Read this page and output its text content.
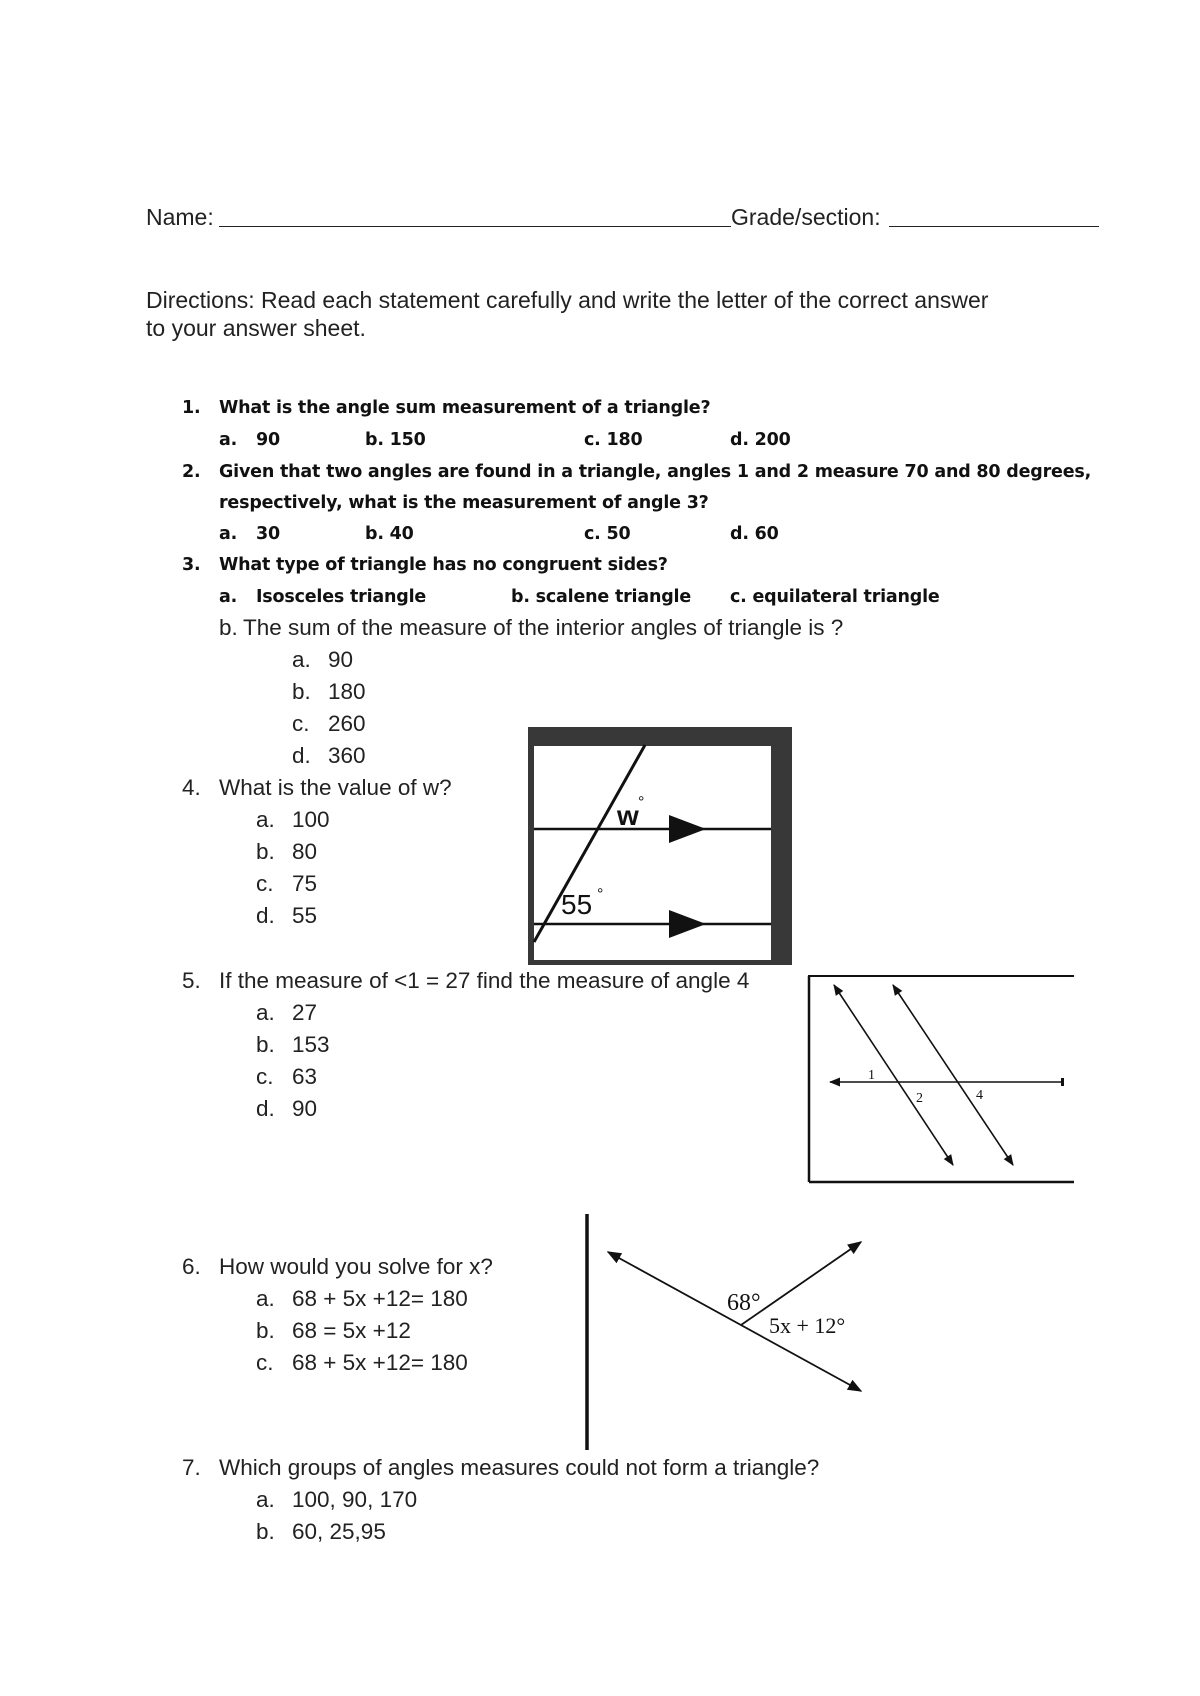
Name:	Grade/section:
Directions: Read each statement carefully and write the letter of the correct answer
to your answer sheet.
1. What is the angle sum measurement of a triangle?
a. 90	b. 150	c. 180	d. 200
2. Given that two angles are found in a triangle, angles 1 and 2 measure 70 and 80 degrees,
respectively, what is the measurement of angle 3?
a. 30	b. 40	c. 50	d. 60
3. What type of triangle has no congruent sides?
a. Isosceles triangle	b. scalene triangle c. equilateral triangle
b. The sum of the measure of the interior angles of triangle is ?
a. 90
b. 180
c. 260
d. 360
4. What is the value of w?
a. 100
b. 80
c. 75
d. 55
w °
55 °
5. If the measure of <1 = 27 find the measure of angle 4
a. 27
b. 153
c. 63
d. 90
1
2	4
6. How would you solve for x?
a. 68 + 5x +12= 180
b. 68 = 5x +12
c. 68 + 5x +12= 180
68°
5x + 12°
7. Which groups of angles measures could not form a triangle?
a. 100, 90, 170
b. 60, 25,95
